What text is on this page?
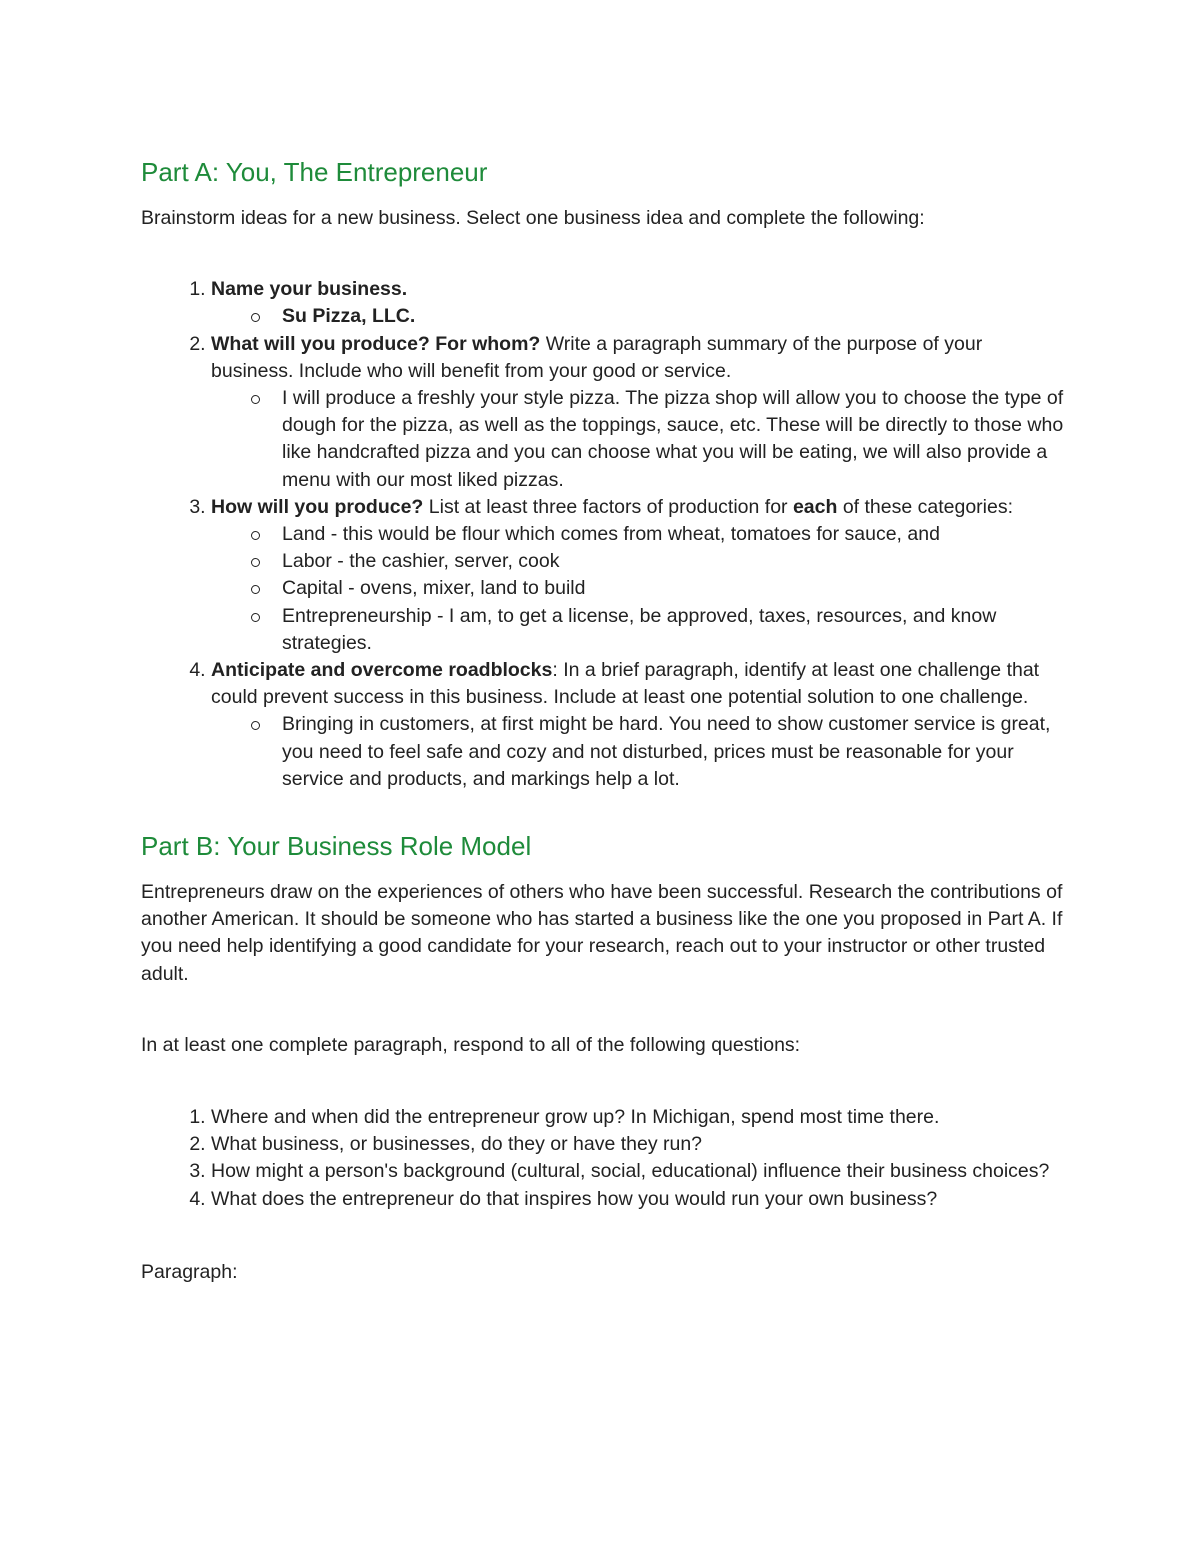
Part A: You, The Entrepreneur

Brainstorm ideas for a new business. Select one business idea and complete the following:

1. Name your business.
Su Pizza, LLC.
2. What will you produce? For whom? Write a paragraph summary of the purpose of your business. Include who will benefit from your good or service.
I will produce a freshly your style pizza. The pizza shop will allow you to choose the type of dough for the pizza, as well as the toppings, sauce, etc. These will be directly to those who like handcrafted pizza and you can choose what you will be eating, we will also provide a menu with our most liked pizzas.
3. How will you produce? List at least three factors of production for each of these categories:
Land - this would be flour which comes from wheat, tomatoes for sauce, and
Labor - the cashier, server, cook
Capital - ovens, mixer, land to build
Entrepreneurship - I am, to get a license, be approved, taxes, resources, and know strategies.
4. Anticipate and overcome roadblocks: In a brief paragraph, identify at least one challenge that could prevent success in this business. Include at least one potential solution to one challenge.
Bringing in customers, at first might be hard. You need to show customer service is great, you need to feel safe and cozy and not disturbed, prices must be reasonable for your service and products, and markings help a lot.
Part B: Your Business Role Model

Entrepreneurs draw on the experiences of others who have been successful. Research the contributions of another American. It should be someone who has started a business like the one you proposed in Part A. If you need help identifying a good candidate for your research, reach out to your instructor or other trusted adult.

In at least one complete paragraph, respond to all of the following questions:

1. Where and when did the entrepreneur grow up? In Michigan, spend most time there.
2. What business, or businesses, do they or have they run?
3. How might a person's background (cultural, social, educational) influence their business choices?
4. What does the entrepreneur do that inspires how you would run your own business?

Paragraph:
